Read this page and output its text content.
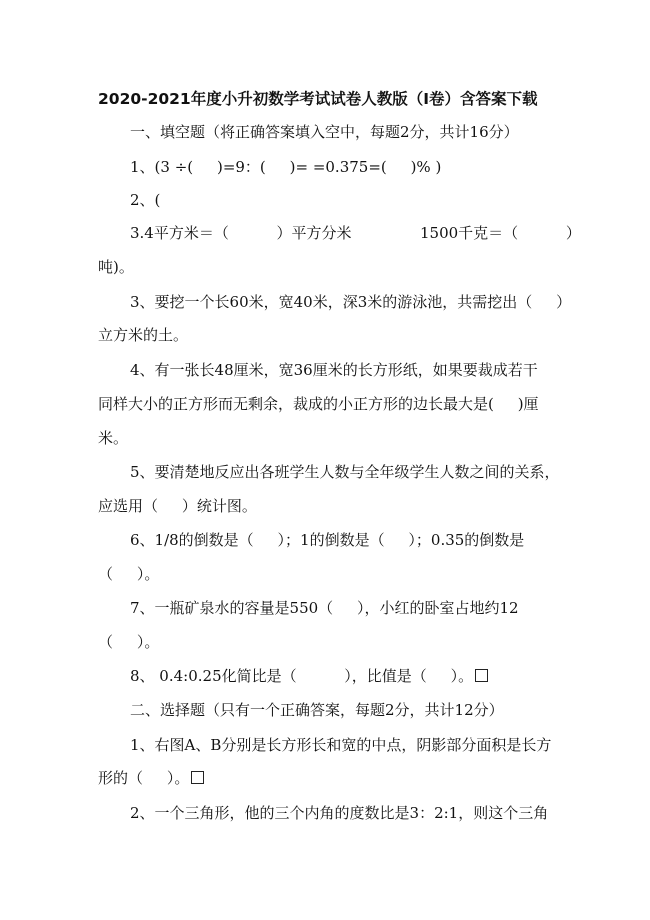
2020-2021年度小升初数学考试试卷人教版（I卷）含答案下载
一、填空题（将正确答案填入空中，每题2分，共计16分）
1、(3 ÷(     )=9：(     )= =0.375=(     )% )
2、(
3.4平方米＝（          ）平方分米	1500千克＝（          ）
吨)。
3、要挖一个长60米，宽40米，深3米的游泳池，共需挖出（     ）
立方米的土。
4、有一张长48厘米，宽36厘米的长方形纸，如果要裁成若干
同样大小的正方形而无剩余，裁成的小正方形的边长最大是(     )厘
米。
5、要清楚地反应出各班学生人数与全年级学生人数之间的关系，
应选用（     ）统计图。
6、1/8的倒数是（     ）；1的倒数是（     ）；0.35的倒数是
（     ）。
7、一瓶矿泉水的容量是550（     ），小红的卧室占地约12
（     ）。
8、 0.4:0.25化简比是（          ），比值是（     ）。
二、选择题（只有一个正确答案，每题2分，共计12分）
1、右图A、B分别是长方形长和宽的中点，阴影部分面积是长方
形的（     ）。
2、一个三角形，他的三个内角的度数比是3：2:1，则这个三角
